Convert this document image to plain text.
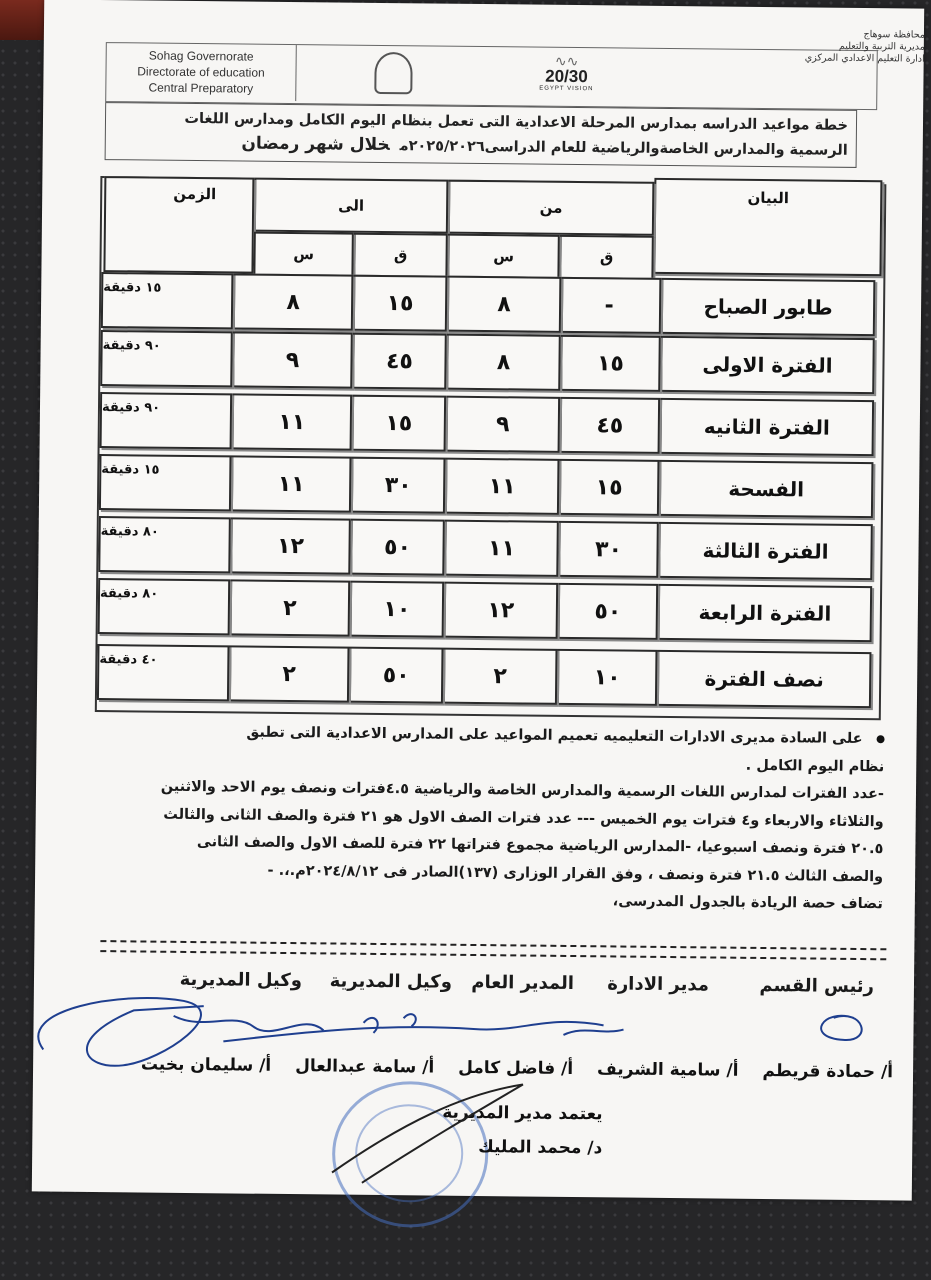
Sohag Governorate
Directorate of education
Central Preparatory
∿∿
20/30
EGYPT VISION
محافظة سوهاج
مديرية التربية والتعليم
ادارة التعليم الاعدادي المركزي
خطة مواعيد الدراسه بمدارس المرحلة الاعدادية التى تعمل بنظام اليوم الكامل ومدارس اللغات
الرسمية والمدارس الخاصةوالرياضية للعام الدراسى٢٠٢٥/٢٠٢٦مخلال شهر رمضان
البيان
من
الى
الزمن
ق
س
ق
س
طابور الصباح
-
٨
١٥
٨
١٥ دقيقة
الفترة الاولى
١٥
٨
٤٥
٩
٩٠ دقيقة
الفترة الثانيه
٤٥
٩
١٥
١١
٩٠ دقيقة
الفسحة
١٥
١١
٣٠
١١
١٥ دقيقة
الفترة الثالثة
٣٠
١١
٥٠
١٢
٨٠ دقيقة
الفترة الرابعة
٥٠
١٢
١٠
٢
٨٠ دقيقة
نصف الفترة
١٠
٢
٥٠
٢
٤٠ دقيقة
على السادة مديرى الادارات التعليميه تعميم المواعيد على المدارس الاعدادية التى تطبق
نظام اليوم الكامل .
-عدد الفترات لمدارس اللغات الرسمية والمدارس الخاصة والرياضية ٤.٥فترات ونصف يوم الاحد والاثنين
والثلاثاء والاربعاء و٤ فترات يوم الخميس --- عدد فترات الصف الاول هو ٢١ فترة والصف الثانى والثالث
٢٠.٥ فترة ونصف اسبوعيا، -المدارس الرياضية مجموع فتراتها ٢٢ فترة للصف الاول والصف الثانى
والصف الثالث ٢١.٥ فترة ونصف ، وفق القرار الوزارى (١٣٧)الصادر فى ٢٠٢٤/٨/١٢م.،. -
تضاف حصة الريادة بالجدول المدرسى،
رئيس القسم
مدير الادارة
المدير العام
وكيل المديرية
وكيل المديرية
أ/ حمادة قريطم أ/ سامية الشريف أ/ فاضل كامل أ/ سامة عبدالعال أ/ سليمان بخيت
يعتمد مدير المديرية
د/ محمد المليك
